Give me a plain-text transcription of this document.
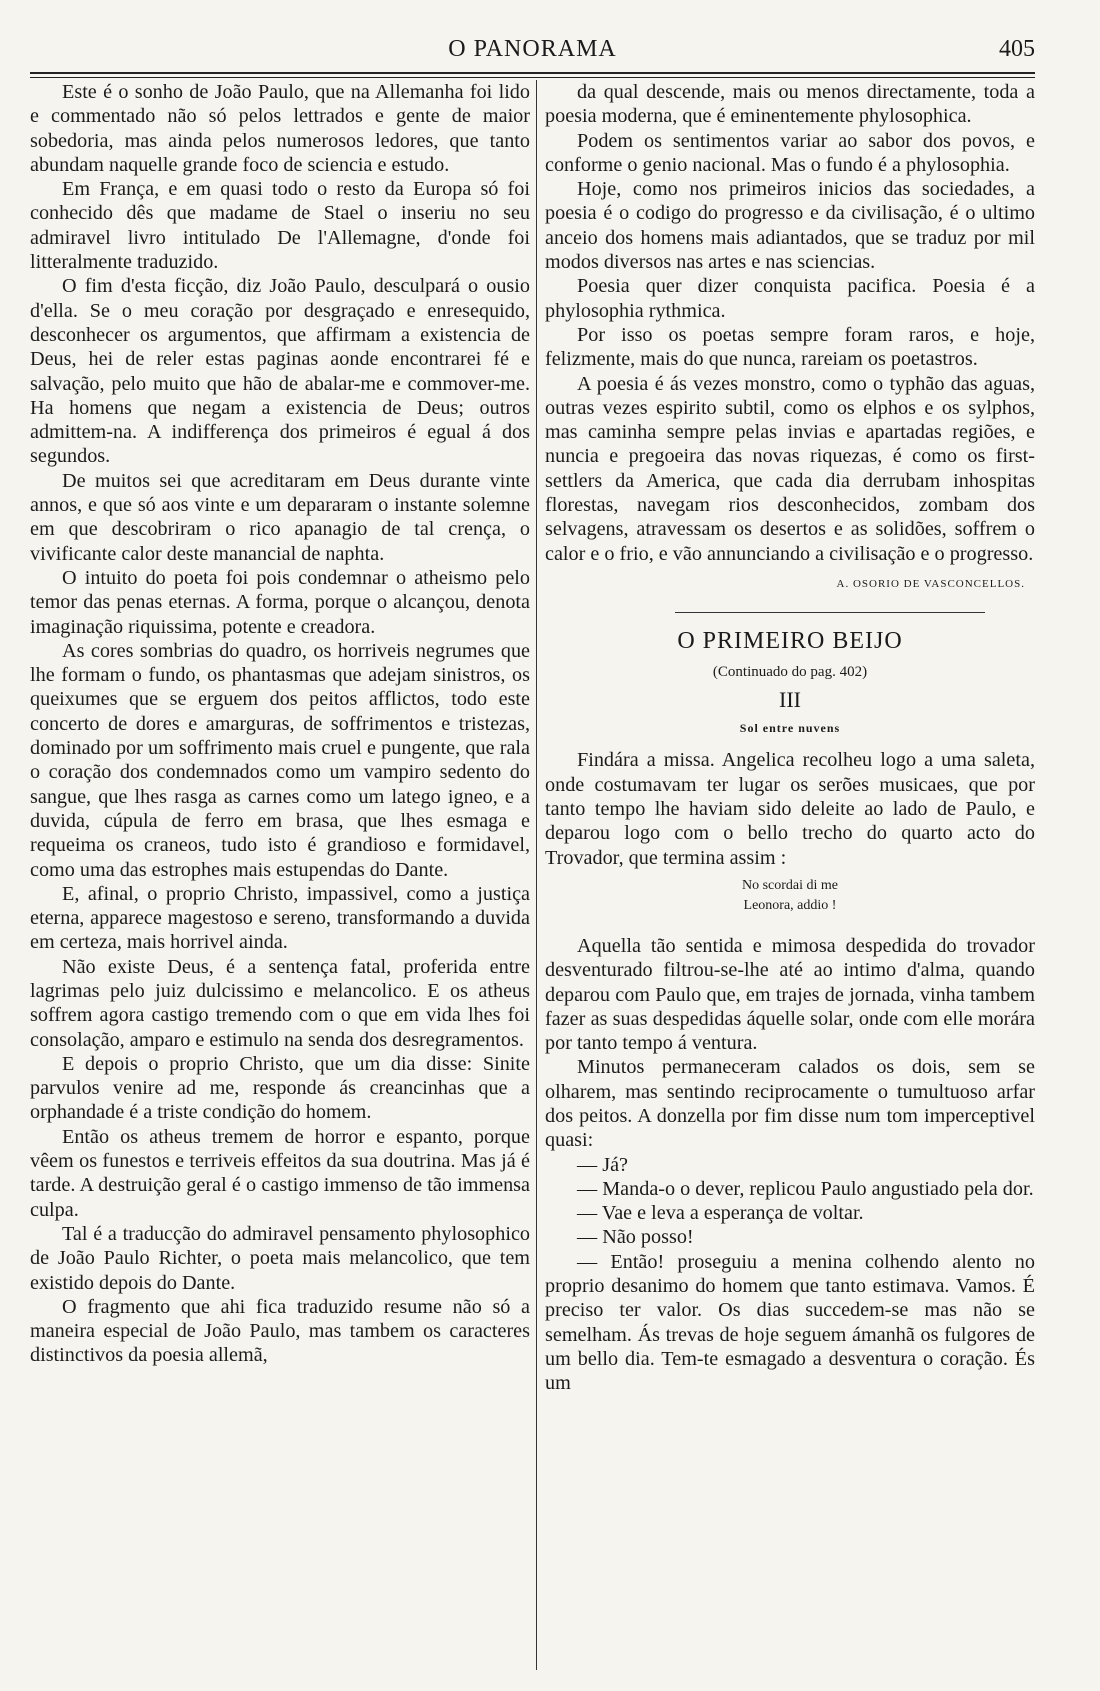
O PANORAMA	405

Este é o sonho de João Paulo, que na Allemanha foi lido e commentado não só pelos lettrados e gente de maior sobedoria, mas ainda pelos numerosos ledores, que tanto abundam naquelle grande foco de sciencia e estudo.

Em França, e em quasi todo o resto da Europa só foi conhecido dês que madame de Stael o inseriu no seu admiravel livro intitulado De l'Allemagne, d'onde foi litteralmente traduzido.

O fim d'esta ficção, diz João Paulo, desculpará o ousio d'ella. Se o meu coração por desgraçado e enresequido, desconhecer os argumentos, que affirmam a existencia de Deus, hei de reler estas paginas aonde encontrarei fé e salvação, pelo muito que hão de abalar-me e commover-me. Ha homens que negam a existencia de Deus; outros admittem-na. A indifferença dos primeiros é egual á dos segundos.

De muitos sei que acreditaram em Deus durante vinte annos, e que só aos vinte e um depararam o instante solemne em que descobriram o rico apanagio de tal crença, o vivificante calor deste manancial de naphta.

O intuito do poeta foi pois condemnar o atheismo pelo temor das penas eternas. A forma, porque o alcançou, denota imaginação riquissima, potente e creadora.

As cores sombrias do quadro, os horriveis negrumes que lhe formam o fundo, os phantasmas que adejam sinistros, os queixumes que se erguem dos peitos afflictos, todo este concerto de dores e amarguras, de soffrimentos e tristezas, dominado por um soffrimento mais cruel e pungente, que rala o coração dos condemnados como um vampiro sedento do sangue, que lhes rasga as carnes como um latego igneo, e a duvida, cúpula de ferro em brasa, que lhes esmaga e requeima os craneos, tudo isto é grandioso e formidavel, como uma das estrophes mais estupendas do Dante.

E, afinal, o proprio Christo, impassivel, como a justiça eterna, apparece magestoso e sereno, transformando a duvida em certeza, mais horrivel ainda.

Não existe Deus, é a sentença fatal, proferida entre lagrimas pelo juiz dulcissimo e melancolico. E os atheus soffrem agora castigo tremendo com o que em vida lhes foi consolação, amparo e estimulo na senda dos desregramentos.

E depois o proprio Christo, que um dia disse: Sinite parvulos venire ad me, responde ás creancinhas que a orphandade é a triste condição do homem.

Então os atheus tremem de horror e espanto, porque vêem os funestos e terriveis effeitos da sua doutrina. Mas já é tarde. A destruição geral é o castigo immenso de tão immensa culpa.

Tal é a traducção do admiravel pensamento phylosophico de João Paulo Richter, o poeta mais melancolico, que tem existido depois do Dante.

O fragmento que ahi fica traduzido resume não só a maneira especial de João Paulo, mas tambem os caracteres distinctivos da poesia allemã,

da qual descende, mais ou menos directamente, toda a poesia moderna, que é eminentemente phylosophica.

Podem os sentimentos variar ao sabor dos povos, e conforme o genio nacional. Mas o fundo é a phylosophia.

Hoje, como nos primeiros inicios das sociedades, a poesia é o codigo do progresso e da civilisação, é o ultimo anceio dos homens mais adiantados, que se traduz por mil modos diversos nas artes e nas sciencias.

Poesia quer dizer conquista pacifica. Poesia é a phylosophia rythmica.

Por isso os poetas sempre foram raros, e hoje, felizmente, mais do que nunca, rareiam os poetastros.

A poesia é ás vezes monstro, como o typhão das aguas, outras vezes espirito subtil, como os elphos e os sylphos, mas caminha sempre pelas invias e apartadas regiões, e nuncia e pregoeira das novas riquezas, é como os first-settlers da America, que cada dia derrubam inhospitas florestas, navegam rios desconhecidos, zombam dos selvagens, atravessam os desertos e as solidões, soffrem o calor e o frio, e vão annunciando a civilisação e o progresso.

A. OSORIO DE VASCONCELLOS.
O PRIMEIRO BEIJO
(Continuado do pag. 402)
III
Sol entre nuvens

Findára a missa. Angelica recolheu logo a uma saleta, onde costumavam ter lugar os serões musicaes, que por tanto tempo lhe haviam sido deleite ao lado de Paulo, e deparou logo com o bello trecho do quarto acto do Trovador, que termina assim :

No scordai di me
Leonora, addio !

Aquella tão sentida e mimosa despedida do trovador desventurado filtrou-se-lhe até ao intimo d'alma, quando deparou com Paulo que, em trajes de jornada, vinha tambem fazer as suas despedidas áquelle solar, onde com elle morára por tanto tempo á ventura.

Minutos permaneceram calados os dois, sem se olharem, mas sentindo reciprocamente o tumultuoso arfar dos peitos. A donzella por fim disse num tom imperceptivel quasi:

— Já?

— Manda-o o dever, replicou Paulo angustiado pela dor.

— Vae e leva a esperança de voltar.

— Não posso!

— Então! proseguiu a menina colhendo alento no proprio desanimo do homem que tanto estimava. Vamos. É preciso ter valor. Os dias succedem-se mas não se semelham. Ás trevas de hoje seguem ámanhã os fulgores de um bello dia. Tem-te esmagado a desventura o coração. És um
